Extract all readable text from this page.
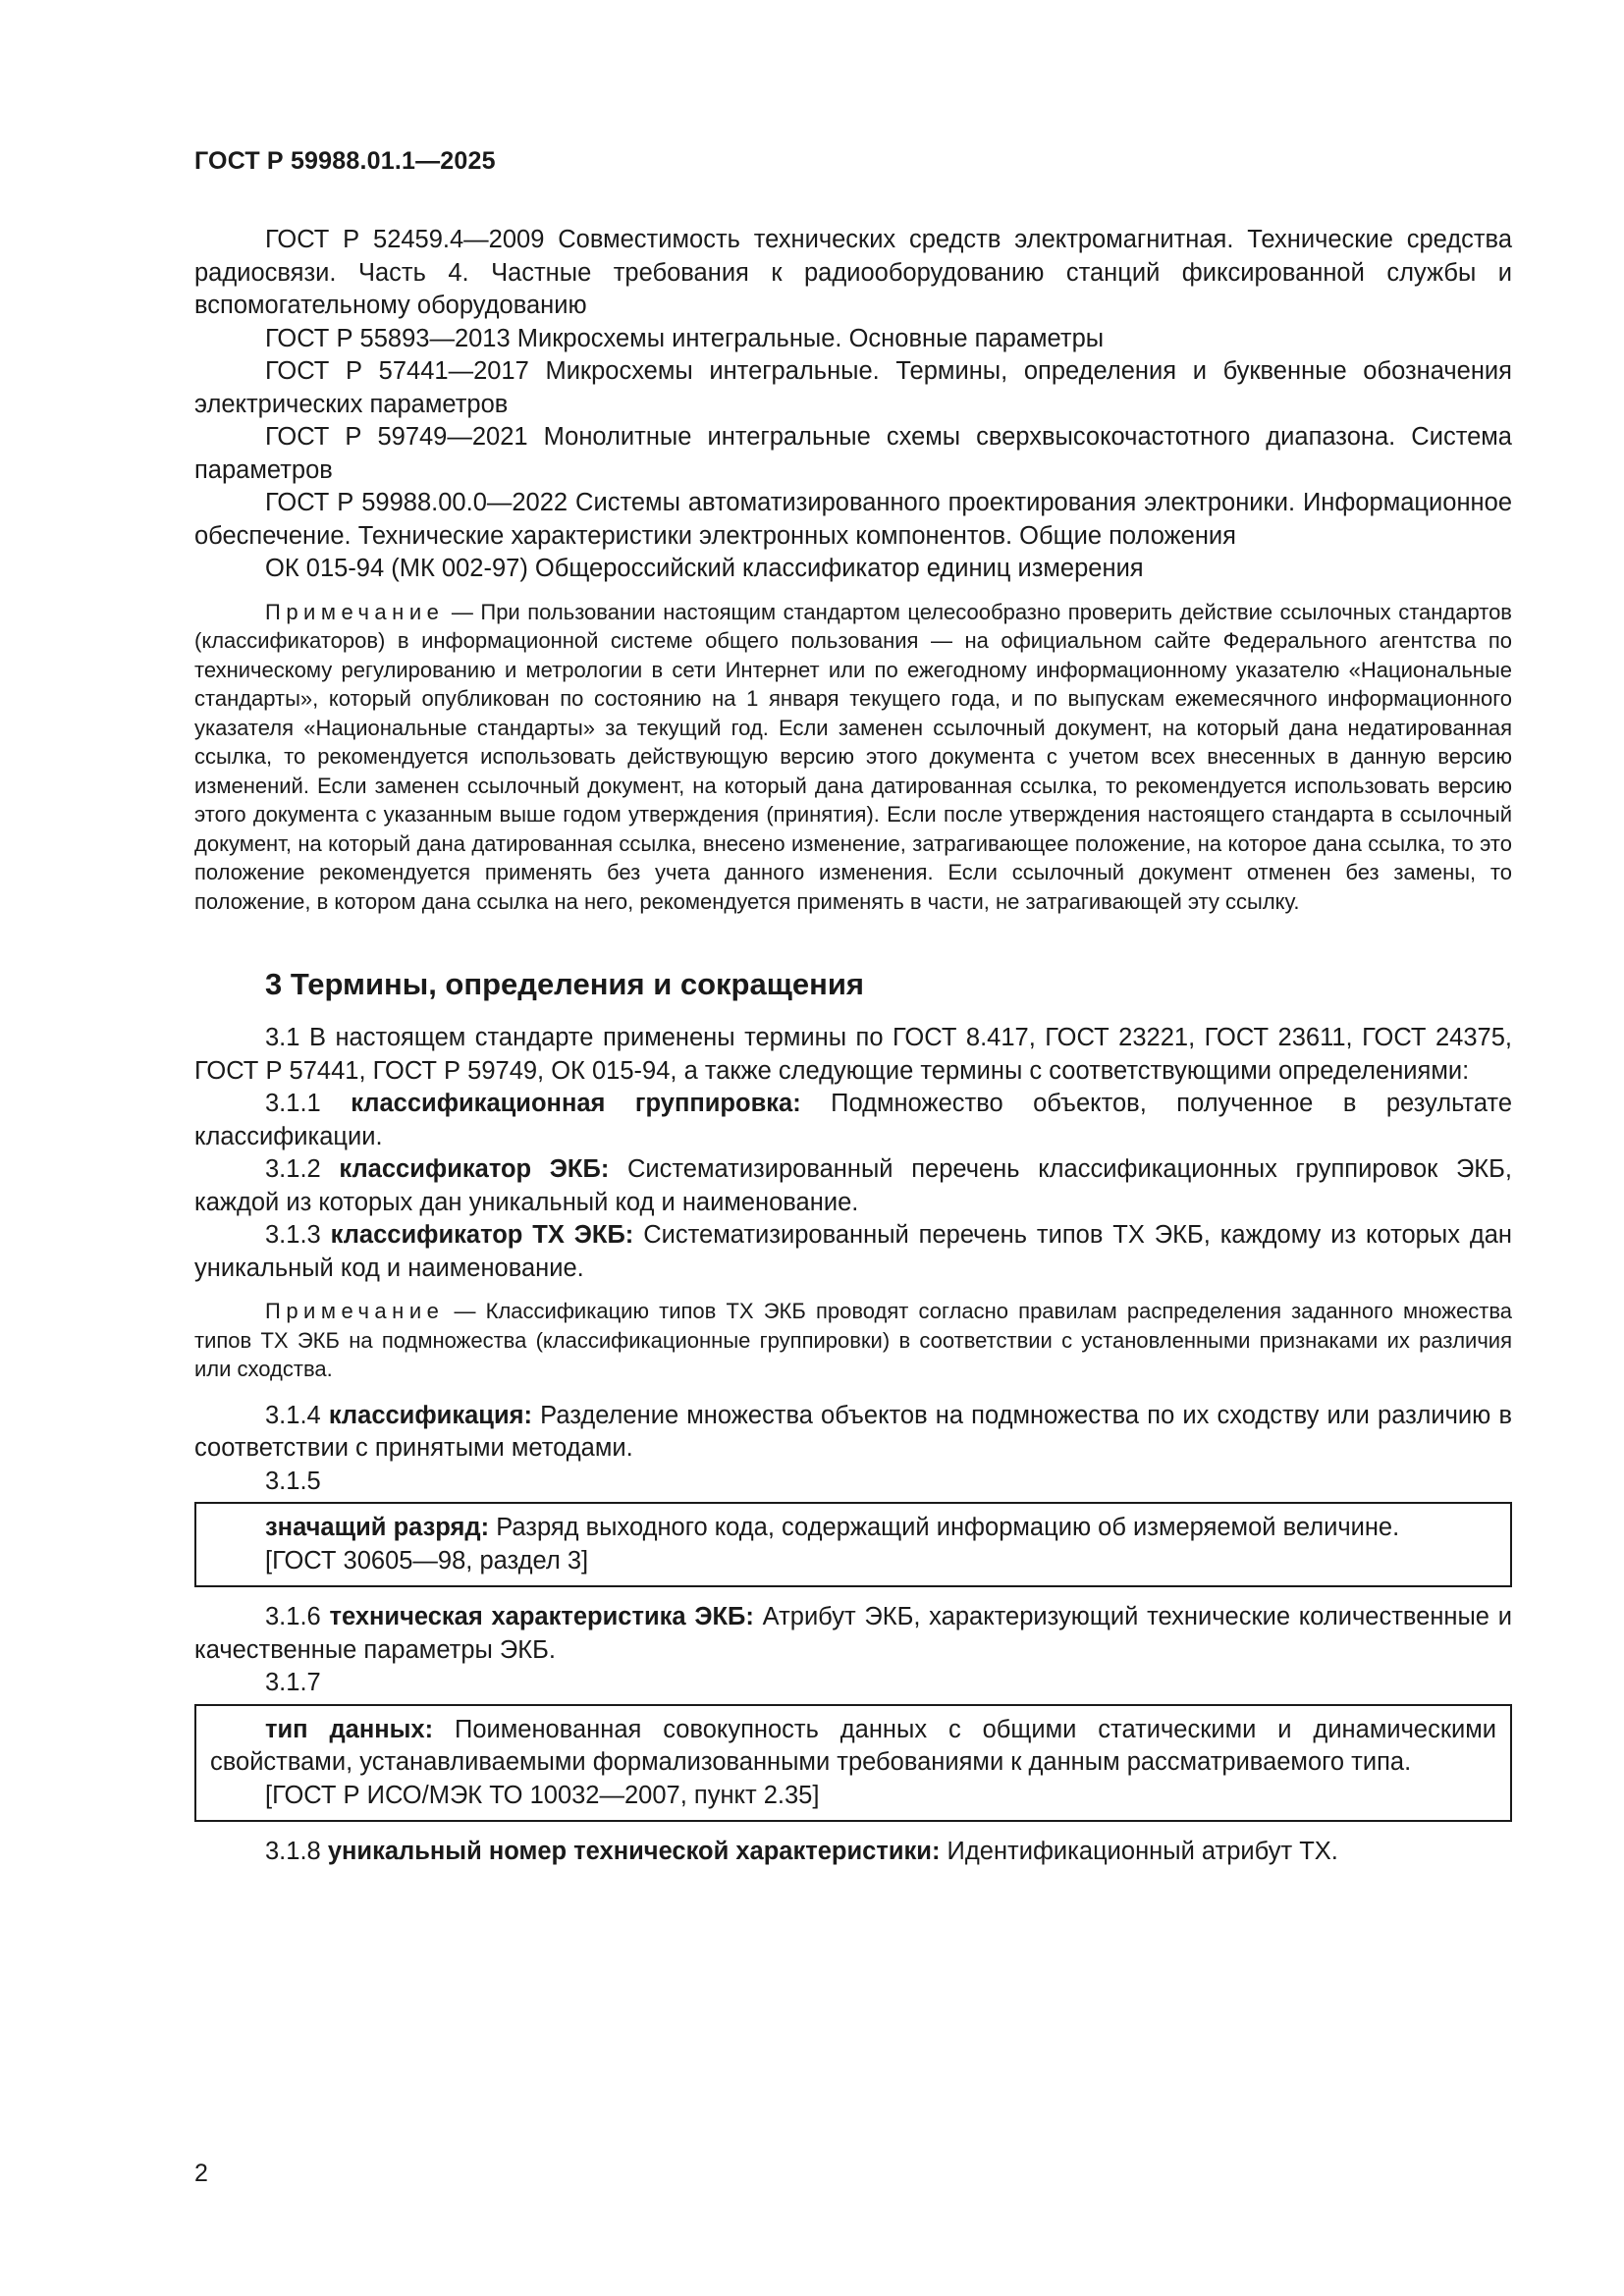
ГОСТ Р 59988.01.1—2025

ГОСТ Р 52459.4—2009 Совместимость технических средств электромагнитная. Технические средства радиосвязи. Часть 4. Частные требования к радиооборудованию станций фиксированной службы и вспомогательному оборудованию

ГОСТ Р 55893—2013 Микросхемы интегральные. Основные параметры

ГОСТ Р 57441—2017 Микросхемы интегральные. Термины, определения и буквенные обозначения электрических параметров

ГОСТ Р 59749—2021 Монолитные интегральные схемы сверхвысокочастотного диапазона. Система параметров

ГОСТ Р 59988.00.0—2022 Системы автоматизированного проектирования электроники. Информационное обеспечение. Технические характеристики электронных компонентов. Общие положения

ОК 015-94 (МК 002-97) Общероссийский классификатор единиц измерения

Примечание — При пользовании настоящим стандартом целесообразно проверить действие ссылочных стандартов (классификаторов) в информационной системе общего пользования — на официальном сайте Федерального агентства по техническому регулированию и метрологии в сети Интернет или по ежегодному информационному указателю «Национальные стандарты», который опубликован по состоянию на 1 января текущего года, и по выпускам ежемесячного информационного указателя «Национальные стандарты» за текущий год. Если заменен ссылочный документ, на который дана недатированная ссылка, то рекомендуется использовать действующую версию этого документа с учетом всех внесенных в данную версию изменений. Если заменен ссылочный документ, на который дана датированная ссылка, то рекомендуется использовать версию этого документа с указанным выше годом утверждения (принятия). Если после утверждения настоящего стандарта в ссылочный документ, на который дана датированная ссылка, внесено изменение, затрагивающее положение, на которое дана ссылка, то это положение рекомендуется применять без учета данного изменения. Если ссылочный документ отменен без замены, то положение, в котором дана ссылка на него, рекомендуется применять в части, не затрагивающей эту ссылку.

3 Термины, определения и сокращения

3.1 В настоящем стандарте применены термины по ГОСТ 8.417, ГОСТ 23221, ГОСТ 23611, ГОСТ 24375, ГОСТ Р 57441, ГОСТ Р 59749, ОК 015-94, а также следующие термины с соответствующими определениями:

3.1.1 классификационная группировка: Подмножество объектов, полученное в результате классификации.

3.1.2 классификатор ЭКБ: Систематизированный перечень классификационных группировок ЭКБ, каждой из которых дан уникальный код и наименование.

3.1.3 классификатор ТХ ЭКБ: Систематизированный перечень типов ТХ ЭКБ, каждому из которых дан уникальный код и наименование.

Примечание — Классификацию типов ТХ ЭКБ проводят согласно правилам распределения заданного множества типов ТХ ЭКБ на подмножества (классификационные группировки) в соответствии с установленными признаками их различия или сходства.

3.1.4 классификация: Разделение множества объектов на подмножества по их сходству или различию в соответствии с принятыми методами.

3.1.5

значащий разряд: Разряд выходного кода, содержащий информацию об измеряемой величине.

[ГОСТ 30605—98, раздел 3]

3.1.6 техническая характеристика ЭКБ: Атрибут ЭКБ, характеризующий технические количественные и качественные параметры ЭКБ.

3.1.7

тип данных: Поименованная совокупность данных с общими статическими и динамическими свойствами, устанавливаемыми формализованными требованиями к данным рассматриваемого типа.

[ГОСТ Р ИСО/МЭК ТО 10032—2007, пункт 2.35]

3.1.8 уникальный номер технической характеристики: Идентификационный атрибут ТХ.

2
